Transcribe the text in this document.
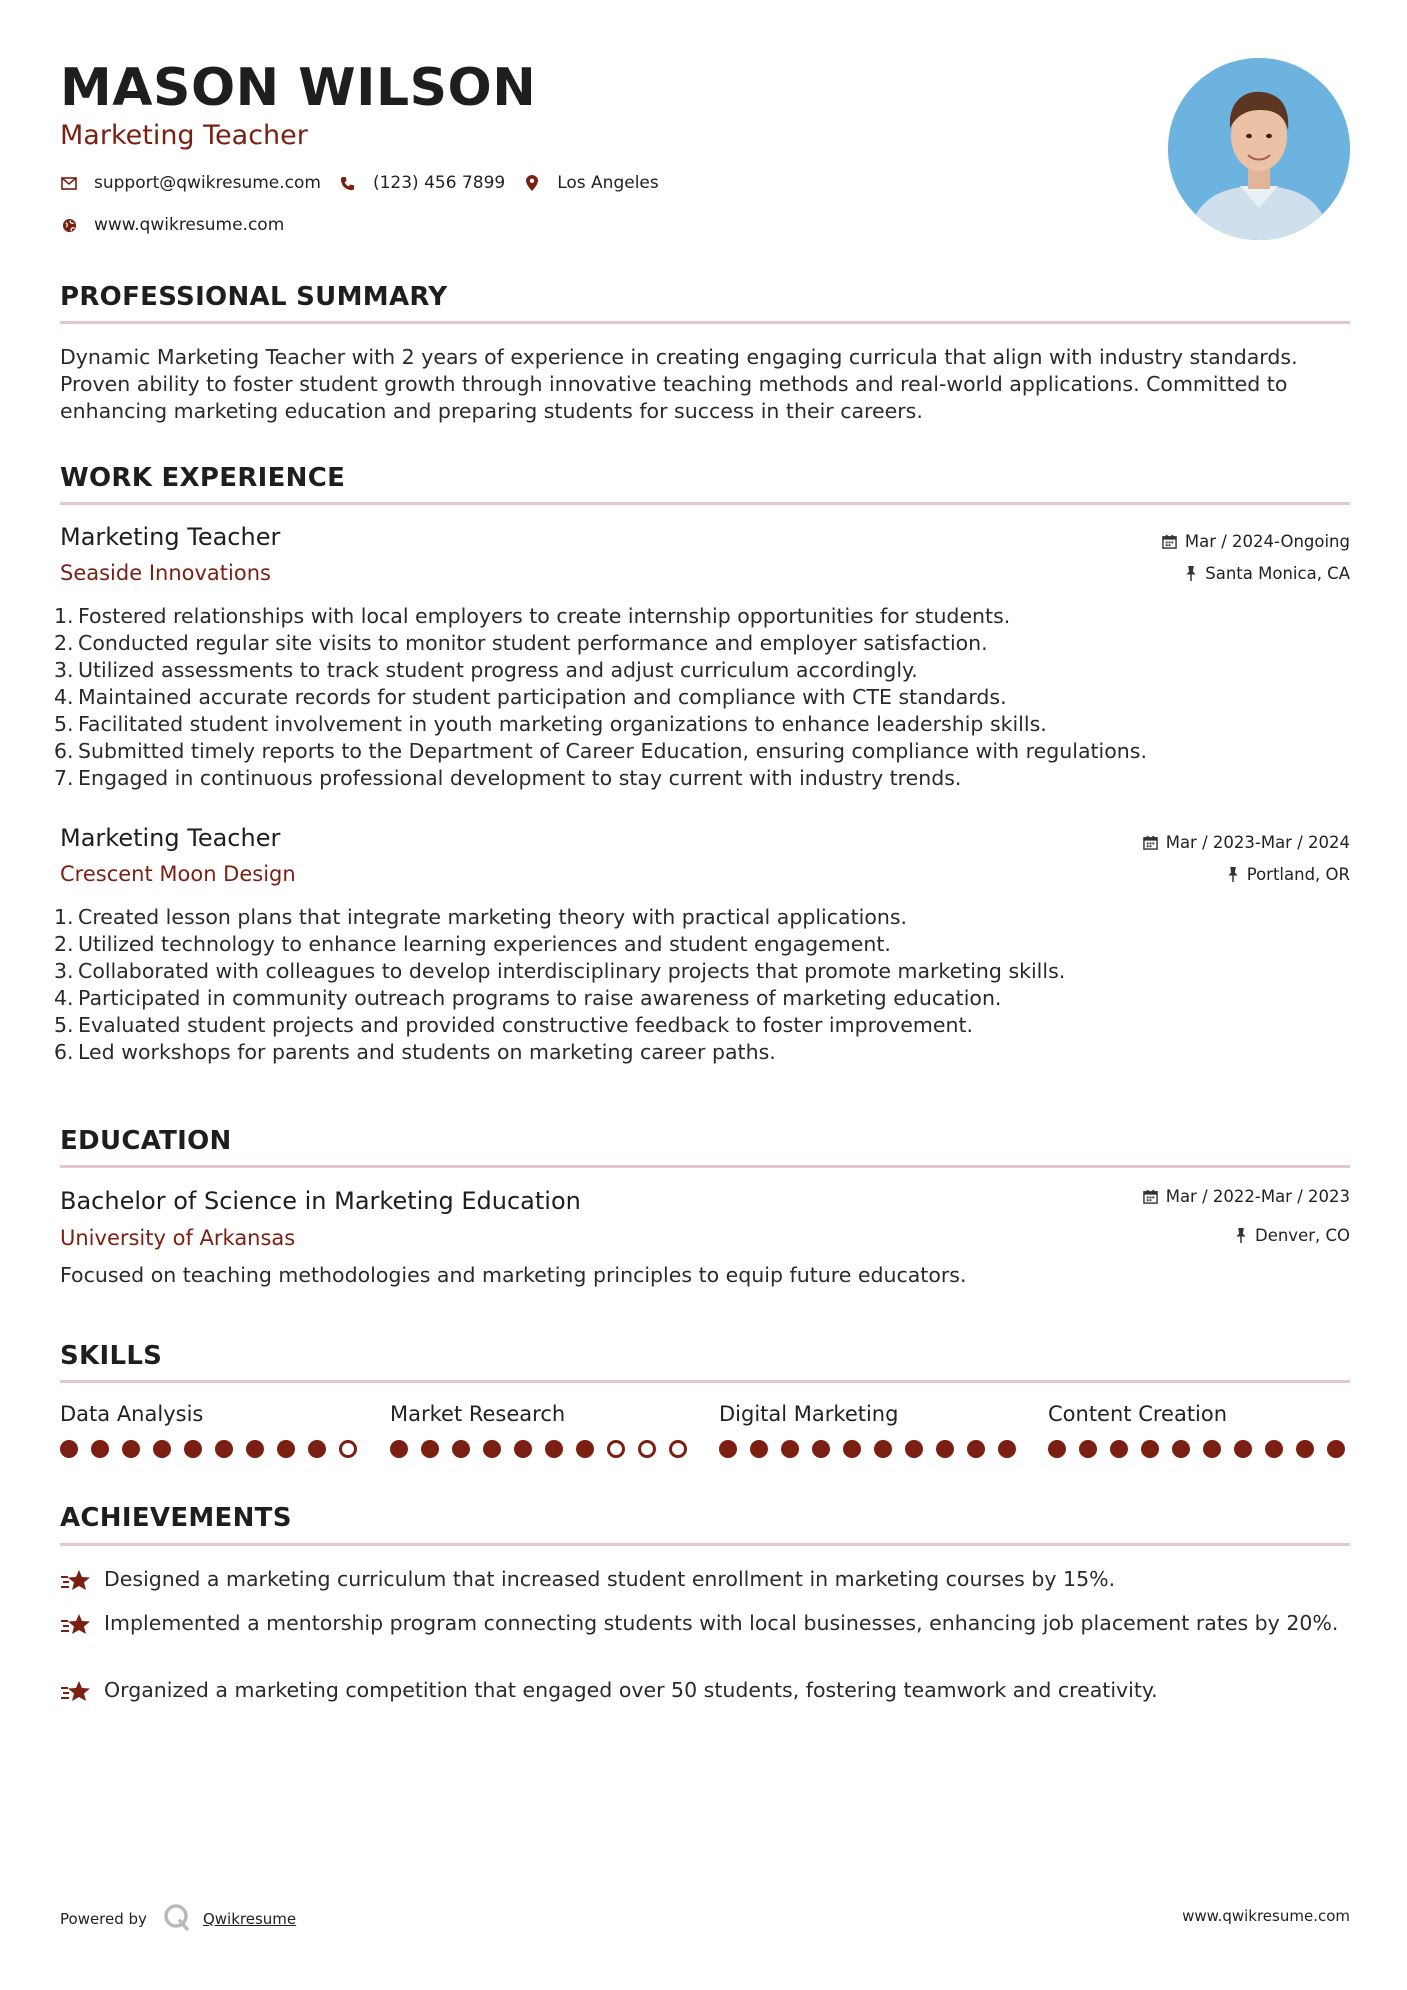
MASON WILSON
Marketing Teacher
support@qwikresume.com	(123) 456 7899	Los Angeles
www.qwikresume.com
PROFESSIONAL SUMMARY
Dynamic Marketing Teacher with 2 years of experience in creating engaging curricula that align with industry standards. Proven ability to foster student growth through innovative teaching methods and real-world applications. Committed to enhancing marketing education and preparing students for success in their careers.
WORK EXPERIENCE
Marketing Teacher
Seaside Innovations
Mar / 2024-Ongoing
Santa Monica, CA
1. Fostered relationships with local employers to create internship opportunities for students.
2. Conducted regular site visits to monitor student performance and employer satisfaction.
3. Utilized assessments to track student progress and adjust curriculum accordingly.
4. Maintained accurate records for student participation and compliance with CTE standards.
5. Facilitated student involvement in youth marketing organizations to enhance leadership skills.
6. Submitted timely reports to the Department of Career Education, ensuring compliance with regulations.
7. Engaged in continuous professional development to stay current with industry trends.
Marketing Teacher
Crescent Moon Design
Mar / 2023-Mar / 2024
Portland, OR
1. Created lesson plans that integrate marketing theory with practical applications.
2. Utilized technology to enhance learning experiences and student engagement.
3. Collaborated with colleagues to develop interdisciplinary projects that promote marketing skills.
4. Participated in community outreach programs to raise awareness of marketing education.
5. Evaluated student projects and provided constructive feedback to foster improvement.
6. Led workshops for parents and students on marketing career paths.
EDUCATION
Bachelor of Science in Marketing Education
University of Arkansas
Mar / 2022-Mar / 2023
Denver, CO
Focused on teaching methodologies and marketing principles to equip future educators.
SKILLS
Data Analysis	Market Research	Digital Marketing	Content Creation
ACHIEVEMENTS
Designed a marketing curriculum that increased student enrollment in marketing courses by 15%.
Implemented a mentorship program connecting students with local businesses, enhancing job placement rates by 20%.
Organized a marketing competition that engaged over 50 students, fostering teamwork and creativity.
Powered by	Qwikresume	www.qwikresume.com
